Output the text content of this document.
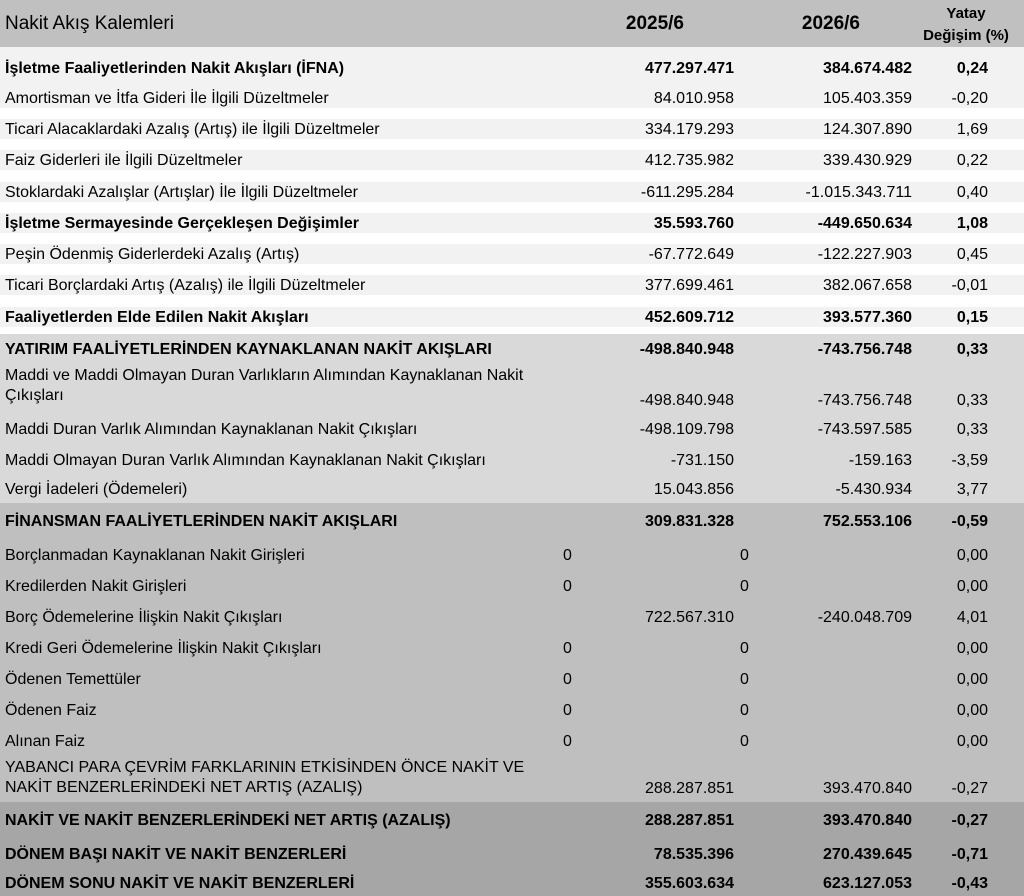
Nakit Akış Kalemleri	2025/6	2026/6	Yatay
Değişim (%)
İşletme Faaliyetlerinden Nakit Akışları (İFNA)	477.297.471	384.674.482	0,24
Amortisman ve İtfa Gideri İle İlgili Düzeltmeler	84.010.958	105.403.359 -0,20
Ticari Alacaklardaki Azalış (Artış) ile İlgili Düzeltmeler	334.179.293	124.307.890	1,69
Faiz Giderleri ile İlgili Düzeltmeler	412.735.982	339.430.929	0,22
Stoklardaki Azalışlar (Artışlar) İle İlgili Düzeltmeler	-611.295.284	-1.015.343.711	0,40
İşletme Sermayesinde Gerçekleşen Değişimler	35.593.760	-449.650.634	1,08
Peşin Ödenmiş Giderlerdeki Azalış (Artış)	-67.772.649	-122.227.903	0,45
Ticari Borçlardaki Artış (Azalış) ile İlgili Düzeltmeler	377.699.461	382.067.658 -0,01
Faaliyetlerden Elde Edilen Nakit Akışları	452.609.712	393.577.360	0,15
YATIRIM FAALİYETLERİNDEN KAYNAKLANAN NAKİT AKIŞLARI	-498.840.948	-743.756.748	0,33
Maddi ve Maddi Olmayan Duran Varlıkların Alımından Kaynaklanan Nakit Çıkışları	-498.840.948	-743.756.748	0,33
Maddi Duran Varlık Alımından Kaynaklanan Nakit Çıkışları	-498.109.798	-743.597.585	0,33
Maddi Olmayan Duran Varlık Alımından Kaynaklanan Nakit Çıkışları	-731.150	-159.163 -3,59
Vergi İadeleri (Ödemeleri)	15.043.856	-5.430.934	3,77
FİNANSMAN FAALİYETLERİNDEN NAKİT AKIŞLARI	309.831.328	752.553.106 -0,59
Borçlanmadan Kaynaklanan Nakit Girişleri	0	0	0,00
Kredilerden Nakit Girişleri	0	0	0,00
Borç Ödemelerine İlişkin Nakit Çıkışları	722.567.310	-240.048.709	4,01
Kredi Geri Ödemelerine İlişkin Nakit Çıkışları	0	0	0,00
Ödenen Temettüler	0	0	0,00
Ödenen Faiz	0	0	0,00
Alınan Faiz	0	0	0,00
YABANCI PARA ÇEVRİM FARKLARININ ETKİSİNDEN ÖNCE NAKİT VE NAKİT BENZERLERİNDEKİ NET ARTIŞ (AZALIŞ)	288.287.851	393.470.840 -0,27
NAKİT VE NAKİT BENZERLERİNDEKİ NET ARTIŞ (AZALIŞ)	288.287.851	393.470.840 -0,27
DÖNEM BAŞI NAKİT VE NAKİT BENZERLERİ	78.535.396	270.439.645 -0,71
DÖNEM SONU NAKİT VE NAKİT BENZERLERİ	355.603.634	623.127.053 -0,43
